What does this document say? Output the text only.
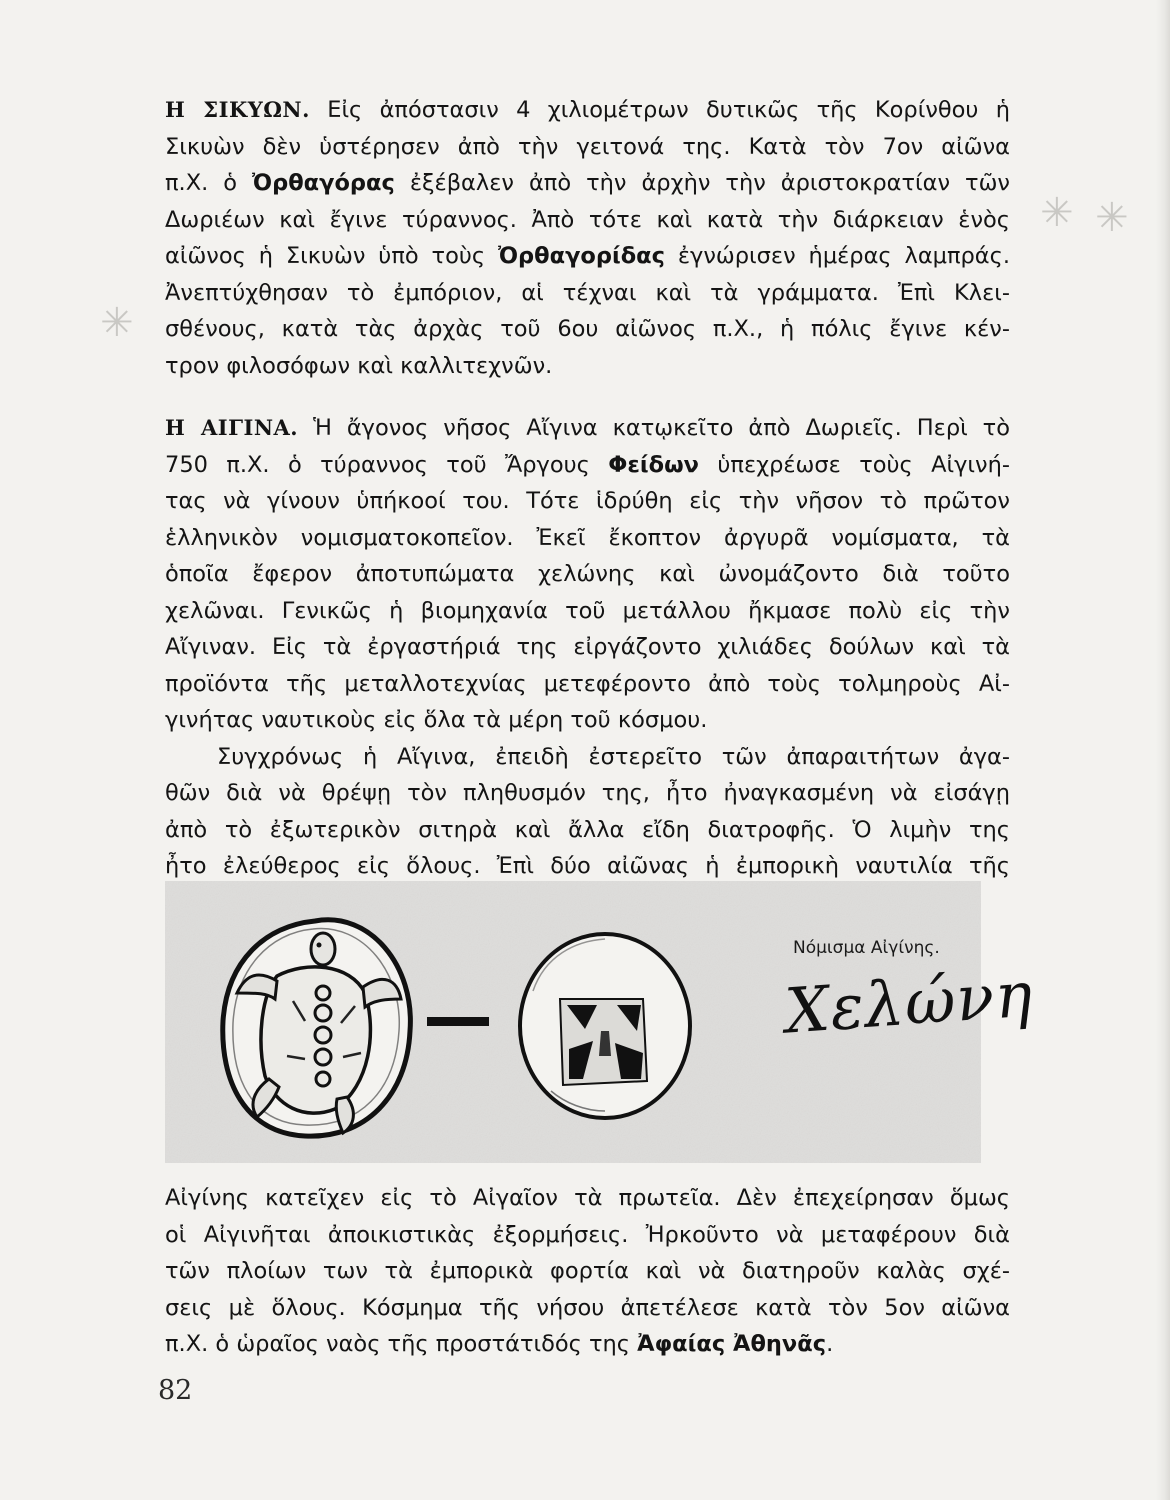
✳ ✳
✳
Η ΣΙΚΥΩΝ. Εἰς ἀπόστασιν 4 χιλιομέτρων δυτικῶς τῆς Κορίνθου ἡ
Σικυὼν δὲν ὑστέρησεν ἀπὸ τὴν γειτονά της. Κατὰ τὸν 7ον αἰῶνα
π.Χ. ὁ Ὀρθαγόρας ἐξέβαλεν ἀπὸ τὴν ἀρχὴν τὴν ἀριστοκρατίαν τῶν
Δωριέων καὶ ἔγινε τύραννος. Ἀπὸ τότε καὶ κατὰ τὴν διάρκειαν ἑνὸς
αἰῶνος ἡ Σικυὼν ὑπὸ τοὺς Ὀρθαγορίδας ἐγνώρισεν ἡμέρας λαμπράς.
Ἀνεπτύχθησαν τὸ ἐμπόριον, αἱ τέχναι καὶ τὰ γράμματα. Ἐπὶ Κλει-
σθένους, κατὰ τὰς ἀρχὰς τοῦ 6ου αἰῶνος π.Χ., ἡ πόλις ἔγινε κέν-
τρον φιλοσόφων καὶ καλλιτεχνῶν.
Η ΑΙΓΙΝΑ. Ἡ ἄγονος νῆσος Αἴγινα κατῳκεῖτο ἀπὸ Δωριεῖς. Περὶ τὸ
750 π.Χ. ὁ τύραννος τοῦ Ἄργους Φείδων ὑπεχρέωσε τοὺς Αἰγινή-
τας νὰ γίνουν ὑπήκοοί του. Τότε ἱδρύθη εἰς τὴν νῆσον τὸ πρῶτον
ἑλληνικὸν νομισματοκοπεῖον. Ἐκεῖ ἔκοπτον ἀργυρᾶ νομίσματα, τὰ
ὁποῖα ἔφερον ἀποτυπώματα χελώνης καὶ ὠνομάζοντο διὰ τοῦτο
χελῶναι. Γενικῶς ἡ βιομηχανία τοῦ μετάλλου ἤκμασε πολὺ εἰς τὴν
Αἴγιναν. Εἰς τὰ ἐργαστήριά της εἰργάζοντο χιλιάδες δούλων καὶ τὰ
προϊόντα τῆς μεταλλοτεχνίας μετεφέροντο ἀπὸ τοὺς τολμηροὺς Αἰ-
γινήτας ναυτικοὺς εἰς ὅλα τὰ μέρη τοῦ κόσμου.
Συγχρόνως ἡ Αἴγινα, ἐπειδὴ ἐστερεῖτο τῶν ἀπαραιτήτων ἀγα-
θῶν διὰ νὰ θρέψῃ τὸν πληθυσμόν της, ἦτο ἠναγκασμένη νὰ εἰσάγῃ
ἀπὸ τὸ ἐξωτερικὸν σιτηρὰ καὶ ἄλλα εἴδη διατροφῆς. Ὁ λιμὴν της
ἦτο ἐλεύθερος εἰς ὅλους. Ἐπὶ δύο αἰῶνας ἡ ἐμπορικὴ ναυτιλία τῆς
Νόμισμα Αἰγίνης.
Χελώνη
Αἰγίνης κατεῖχεν εἰς τὸ Αἰγαῖον τὰ πρωτεῖα. Δὲν ἐπεχείρησαν ὅμως
οἱ Αἰγινῆται ἀποικιστικὰς ἐξορμήσεις. Ἠρκοῦντο νὰ μεταφέρουν διὰ
τῶν πλοίων των τὰ ἐμπορικὰ φορτία καὶ νὰ διατηροῦν καλὰς σχέ-
σεις μὲ ὅλους. Κόσμημα τῆς νήσου ἀπετέλεσε κατὰ τὸν 5ον αἰῶνα
π.Χ. ὁ ὡραῖος ναὸς τῆς προστάτιδός της Ἀφαίας Ἀθηνᾶς.
82
